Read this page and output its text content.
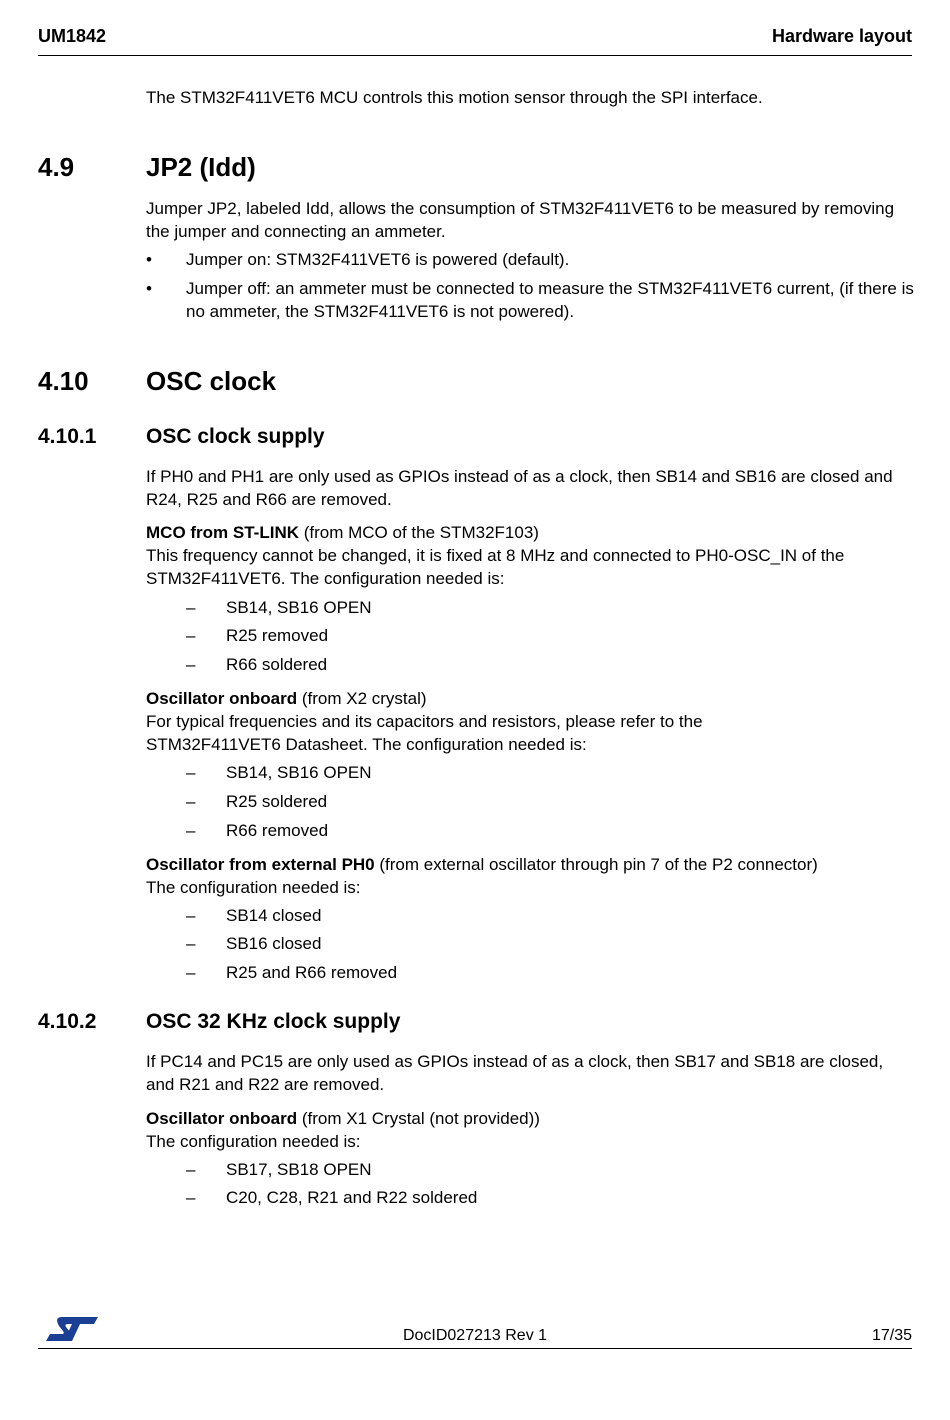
UM1842	Hardware layout
The STM32F411VET6 MCU controls this motion sensor through the SPI interface.
4.9	JP2 (Idd)
Jumper JP2, labeled Idd, allows the consumption of STM32F411VET6 to be measured by removing the jumper and connecting an ammeter.
• Jumper on: STM32F411VET6 is powered (default).
• Jumper off: an ammeter must be connected to measure the STM32F411VET6 current, (if there is no ammeter, the STM32F411VET6 is not powered).
4.10 OSC clock
4.10.1 OSC clock supply
If PH0 and PH1 are only used as GPIOs instead of as a clock, then SB14 and SB16 are closed and R24, R25 and R66 are removed.
MCO from ST-LINK (from MCO of the STM32F103)
This frequency cannot be changed, it is fixed at 8 MHz and connected to PH0-OSC_IN of the STM32F411VET6. The configuration needed is:
– SB14, SB16 OPEN
– R25 removed
– R66 soldered
Oscillator onboard (from X2 crystal)
For typical frequencies and its capacitors and resistors, please refer to the STM32F411VET6 Datasheet. The configuration needed is:
– SB14, SB16 OPEN
– R25 soldered
– R66 removed
Oscillator from external PH0 (from external oscillator through pin 7 of the P2 connector)
The configuration needed is:
– SB14 closed
– SB16 closed
– R25 and R66 removed
4.10.2 OSC 32 KHz clock supply
If PC14 and PC15 are only used as GPIOs instead of as a clock, then SB17 and SB18 are closed, and R21 and R22 are removed.
Oscillator onboard (from X1 Crystal (not provided))
The configuration needed is:
– SB17, SB18 OPEN
– C20, C28, R21 and R22 soldered
DocID027213 Rev 1	17/35
